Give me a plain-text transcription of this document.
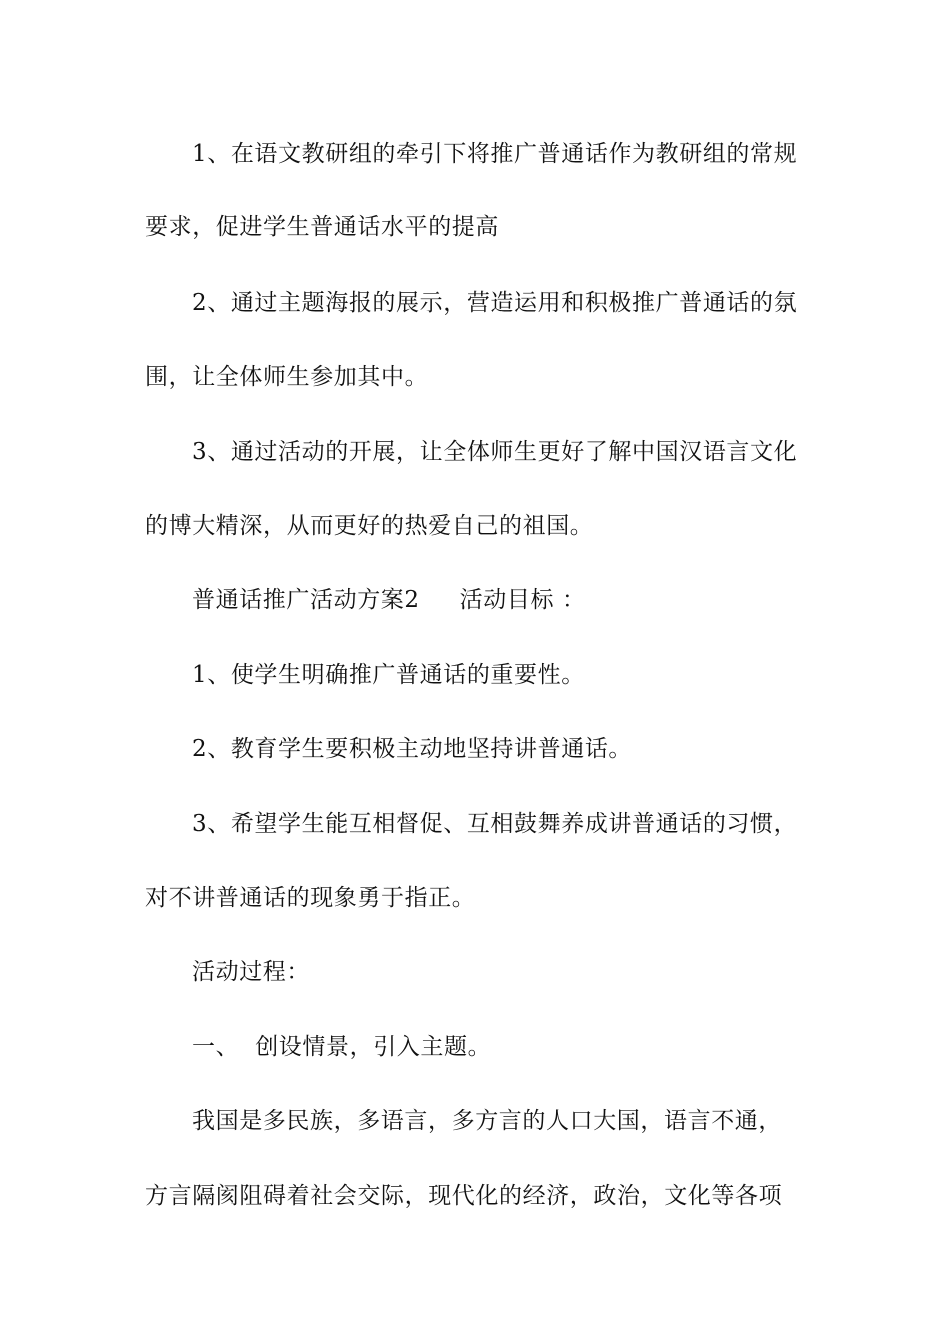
1、在语文教研组的牵引下将推广普通话作为教研组的常规
要求，促进学生普通话水平的提高
2、通过主题海报的展示，营造运用和积极推广普通话的氛
围，让全体师生参加其中。
3、通过活动的开展，让全体师生更好了解中国汉语言文化
的博大精深，从而更好的热爱自己的祖国。
普通话推广活动方案2 活动目标 ：
1、使学生明确推广普通话的重要性。
2、教育学生要积极主动地坚持讲普通话。
3、希望学生能互相督促、互相鼓舞养成讲普通话的习惯，
对不讲普通话的现象勇于指正。
活动过程：
一、 创设情景，引入主题。
我国是多民族，多语言，多方言的人口大国，语言不通，
方言隔阂阻碍着社会交际，现代化的经济，政治，文化等各项
